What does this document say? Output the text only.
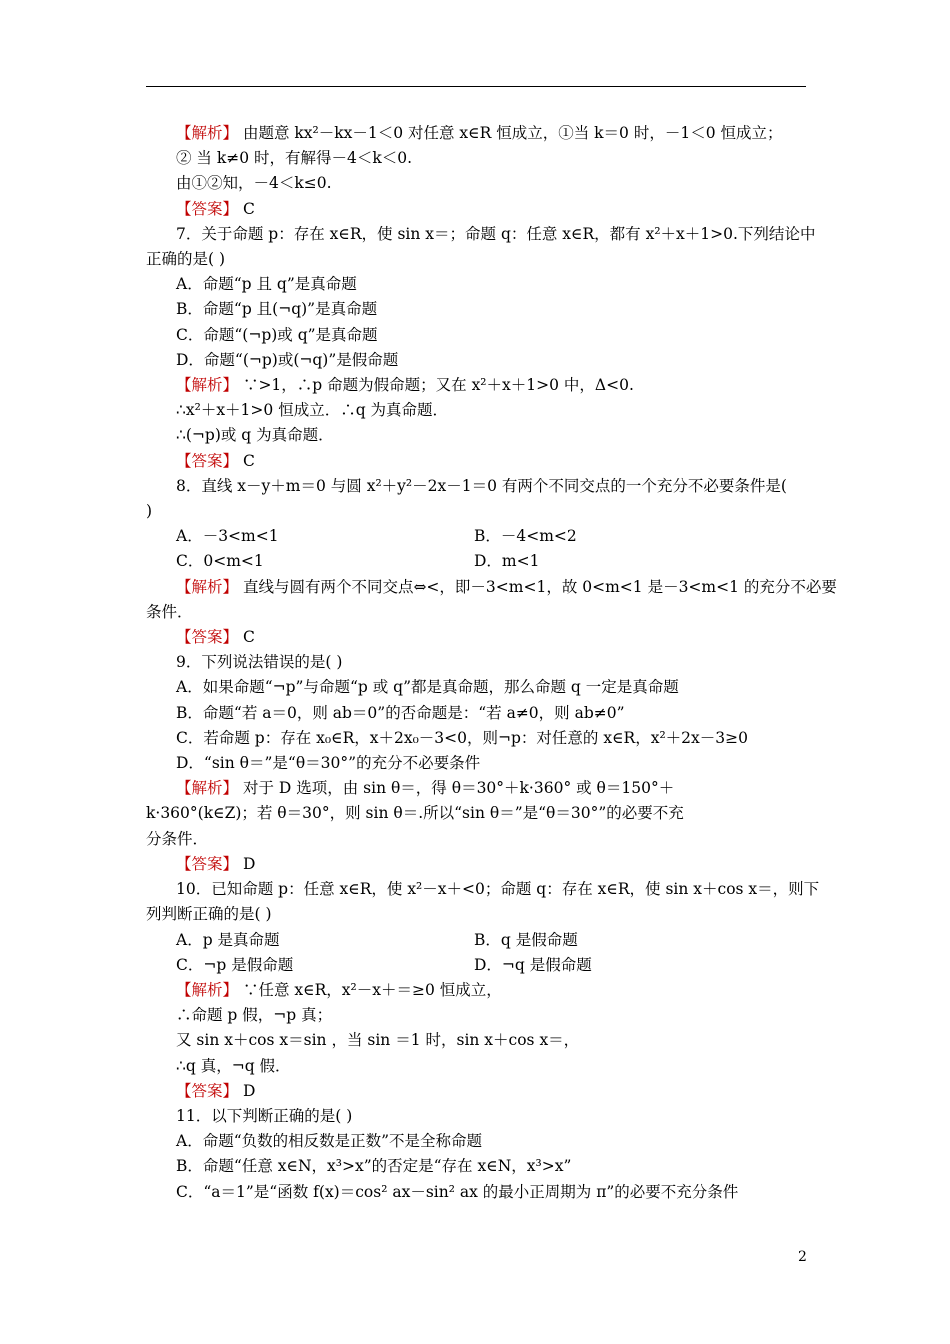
【解析】 由题意 kx²－kx－1＜0 对任意 x∈R 恒成立，①当 k＝0 时，－1＜0 恒成立；
② 当 k≠0 时，有解得－4＜k＜0.
由①②知，－4＜k≤0.
【答案】 C
7．关于命题 p：存在 x∈R，使 sin x＝；命题 q：任意 x∈R，都有 x²＋x＋1>0.下列结论中
正确的是( )
A．命题“p 且 q”是真命题
B．命题“p 且(¬q)”是真命题
C．命题“(¬p)或 q”是真命题
D．命题“(¬p)或(¬q)”是假命题
【解析】 ∵>1，∴p 命题为假命题；又在 x²＋x＋1>0 中，Δ<0.
∴x²＋x＋1>0 恒成立．∴q 为真命题．
∴(¬p)或 q 为真命题．
【答案】 C
8．直线 x－y＋m＝0 与圆 x²＋y²－2x－1＝0 有两个不同交点的一个充分不必要条件是(
)
A．－3<m<1	B．－4<m<2
C．0<m<1	D．m<1
【解析】 直线与圆有两个不同交点⇔<，即－3<m<1，故 0<m<1 是－3<m<1 的充分不必要
条件．
【答案】 C
9．下列说法错误的是( )
A．如果命题“¬p”与命题“p 或 q”都是真命题，那么命题 q 一定是真命题
B．命题“若 a＝0，则 ab＝0”的否命题是：“若 a≠0，则 ab≠0”
C．若命题 p：存在 x₀∈R，x＋2x₀－3<0，则¬p：对任意的 x∈R，x²＋2x－3≥0
D．“sin θ＝”是“θ＝30°”的充分不必要条件
【解析】 对于 D 选项，由 sin θ＝，得 θ＝30°＋k·360° 或 θ＝150°＋
k·360°(k∈Z)；若 θ＝30°，则 sin θ＝.所以“sin θ＝”是“θ＝30°”的必要不充
分条件．
【答案】 D
10．已知命题 p：任意 x∈R，使 x²－x＋<0；命题 q：存在 x∈R，使 sin x＋cos x＝，则下
列判断正确的是( )
A．p 是真命题	B．q 是假命题
C．¬p 是假命题	D．¬q 是假命题
【解析】 ∵任意 x∈R，x²－x＋＝≥0 恒成立，
∴命题 p 假，¬p 真；
又 sin x＋cos x＝sin ，当 sin ＝1 时，sin x＋cos x＝，
∴q 真，¬q 假．
【答案】 D
11．以下判断正确的是( )
A．命题“负数的相反数是正数”不是全称命题
B．命题“任意 x∈N，x³>x”的否定是“存在 x∈N，x³>x”
C．“a＝1”是“函数 f(x)＝cos² ax－sin² ax 的最小正周期为 π”的必要不充分条件
2
